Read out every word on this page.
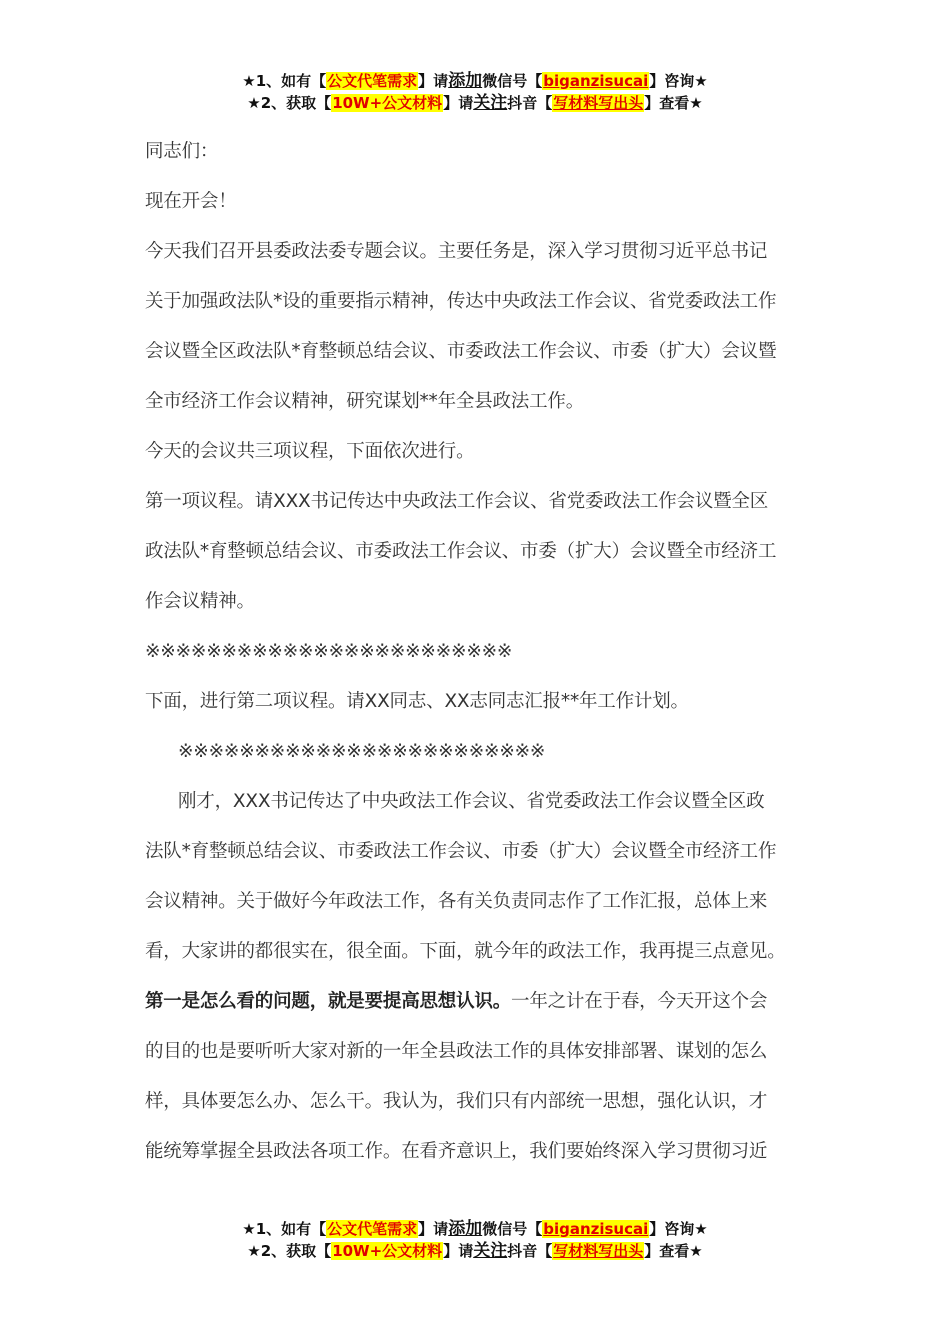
★1、如有【公文代笔需求】请添加微信号【biganzisucai】咨询★
★2、获取【10W+公文材料】请关注抖音【写材料写出头】查看★

同志们：

现在开会！

今天我们召开县委政法委专题会议。主要任务是，深入学习贯彻习近平总书记

关于加强政法队*设的重要指示精神，传达中央政法工作会议、省党委政法工作

会议暨全区政法队*育整顿总结会议、市委政法工作会议、市委（扩大）会议暨

全市经济工作会议精神，研究谋划**年全县政法工作。

今天的会议共三项议程，下面依次进行。

第一项议程。请XXX书记传达中央政法工作会议、省党委政法工作会议暨全区

政法队*育整顿总结会议、市委政法工作会议、市委（扩大）会议暨全市经济工

作会议精神。

※※※※※※※※※※※※※※※※※※※※※※※※

下面，进行第二项议程。请XX同志、XX志同志汇报**年工作计划。

※※※※※※※※※※※※※※※※※※※※※※※※

刚才，XXX书记传达了中央政法工作会议、省党委政法工作会议暨全区政

法队*育整顿总结会议、市委政法工作会议、市委（扩大）会议暨全市经济工作

会议精神。关于做好今年政法工作，各有关负责同志作了工作汇报，总体上来

看，大家讲的都很实在，很全面。下面，就今年的政法工作，我再提三点意见。

第一是怎么看的问题，就是要提高思想认识。一年之计在于春，今天开这个会

的目的也是要听听大家对新的一年全县政法工作的具体安排部署、谋划的怎么

样，具体要怎么办、怎么干。我认为，我们只有内部统一思想，强化认识，才

能统筹掌握全县政法各项工作。在看齐意识上，我们要始终深入学习贯彻习近

★1、如有【公文代笔需求】请添加微信号【biganzisucai】咨询★
★2、获取【10W+公文材料】请关注抖音【写材料写出头】查看★
